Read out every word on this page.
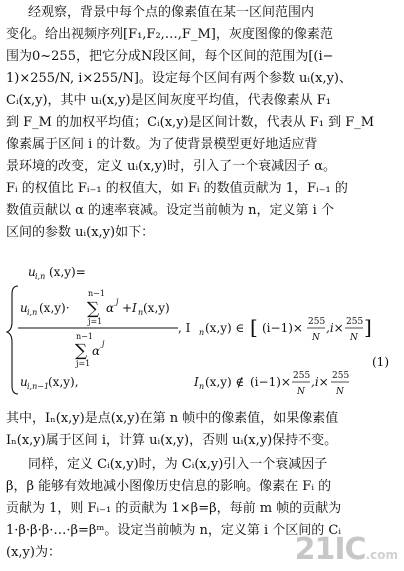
经观察，背景中每个点的像素值在某一区间范围内
变化。给出视频序列[F₁,F₂,…,F_M]，灰度图像的像素范
围为0~255，把它分成N段区间，每个区间的范围为[(i−
1)×255/N, i×255/N]。设定每个区间有两个参数 uᵢ(x,y)、
Cᵢ(x,y)，其中 uᵢ(x,y)是区间灰度平均值，代表像素从 F₁
到 F_M 的加权平均值；Cᵢ(x,y)是区间计数，代表从 F₁ 到 F_M
像素属于区间 i 的计数。为了使背景模型更好地适应背
景环境的改变，定义 uᵢ(x,y)时，引入了一个衰减因子 α。
Fᵢ 的权值比 Fᵢ₋₁ 的权值大，如 Fᵢ 的数值贡献为 1，Fᵢ₋₁ 的
数值贡献以 α 的速率衰减。设定当前帧为 n，定义第 i 个
区间的参数 uᵢ(x,y)如下：
u i,n (x,y)=
u i,n (x,y)·
n−1
∑
j=1
α j +I n (x,y)
n−1
∑
j=1
α
j
, I n (x,y) ∈ [ (i−1)× 255
N
,i× 255
N ]
(1)
u i,n−1
(x,y),	I n (x,y) ∉ (i−1)× 255
N
,i× 255
N
其中，Iₙ(x,y)是点(x,y)在第 n 帧中的像素值，如果像素值
Iₙ(x,y)属于区间 i，计算 uᵢ(x,y)，否则 uᵢ(x,y)保持不变。
同样，定义 Cᵢ(x,y)时，为 Cᵢ(x,y)引入一个衰减因子
β，β 能够有效地减小图像历史信息的影响。像素在 Fᵢ 的
贡献为 1，则 Fᵢ₋₁ 的贡献为 1×β=β，每前 m 帧的贡献为
1·β·β·β·…·β=βᵐ。设定当前帧为 n，定义第 i 个区间的 Cᵢ
(x,y)为：	21IC.com
